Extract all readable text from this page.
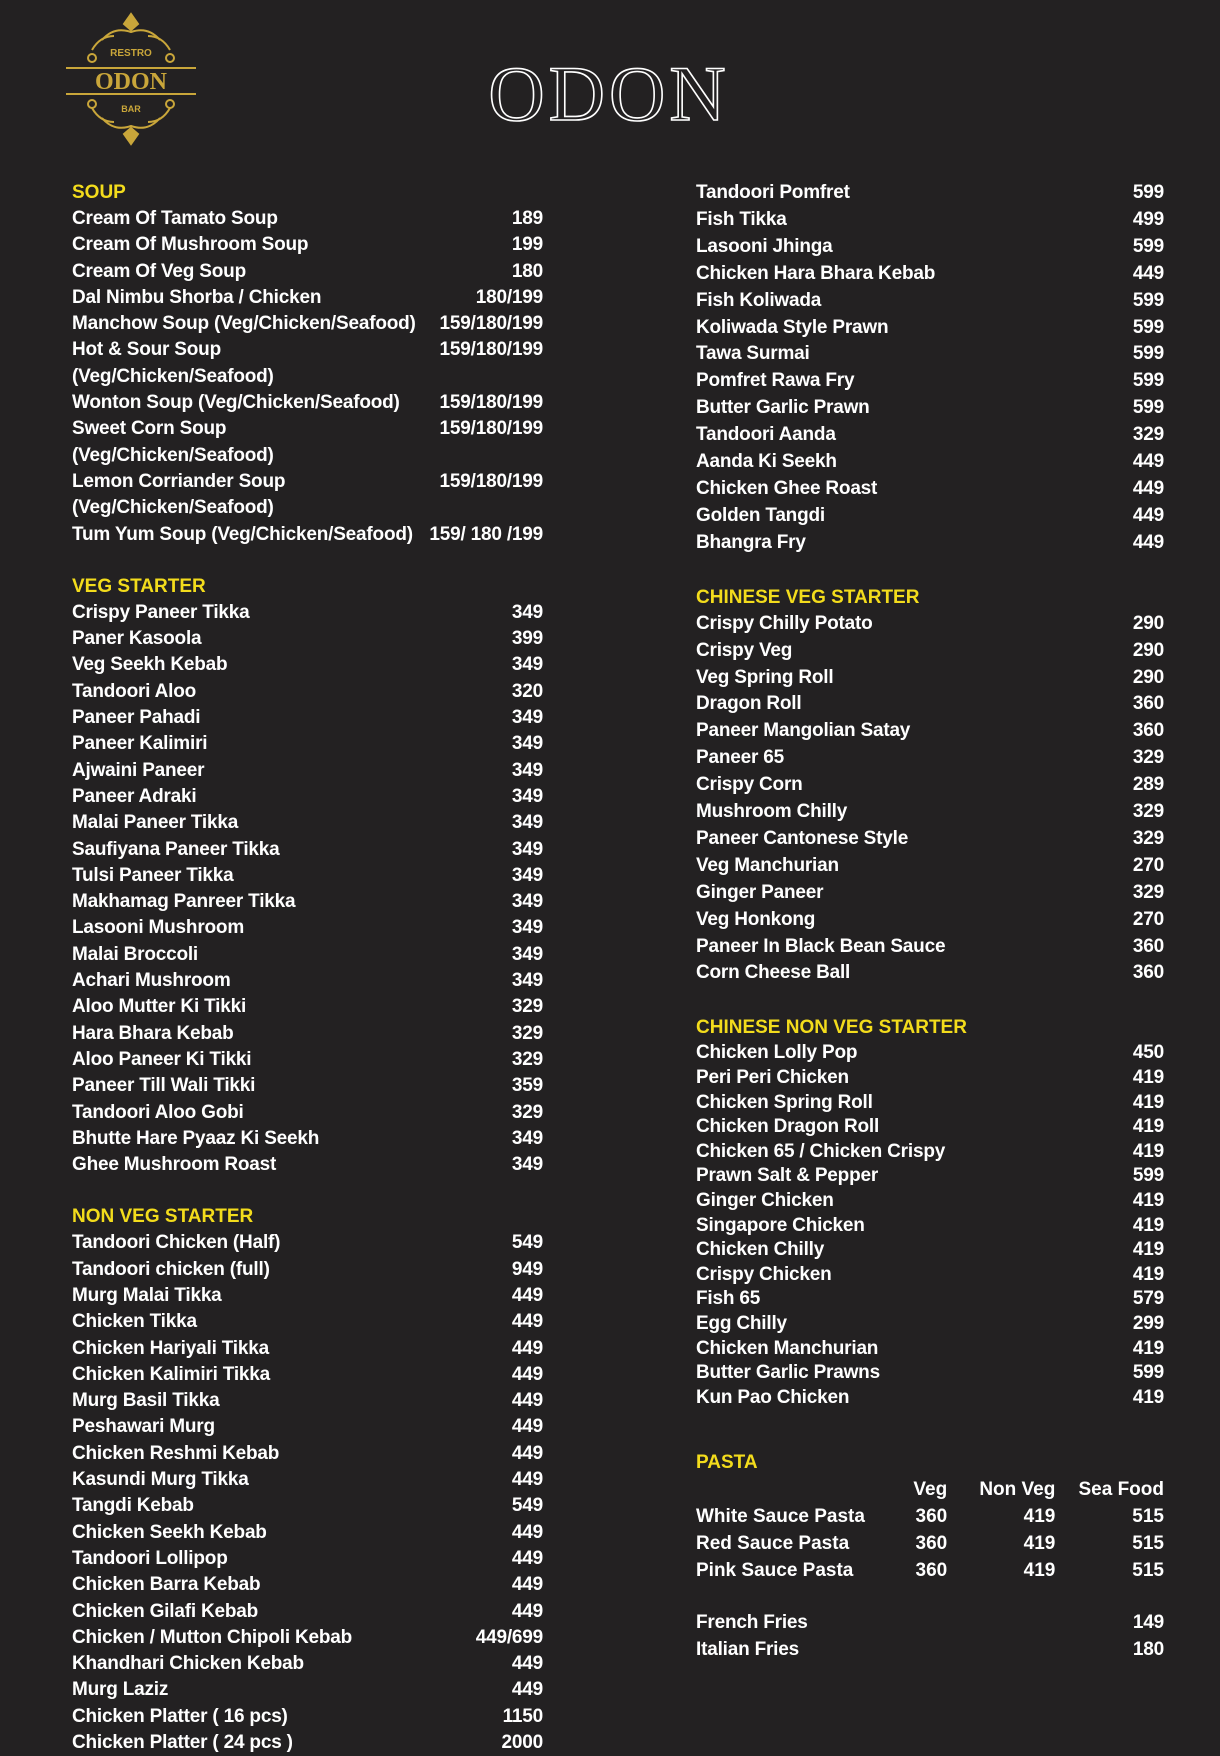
RESTRO
ODON
BAR	ODON
SOUP
Cream Of Tamato Soup	189
Cream Of Mushroom Soup	199
Cream Of Veg Soup	180
Dal Nimbu Shorba / Chicken	180/199
Manchow Soup (Veg/Chicken/Seafood)	159/180/199
Hot & Sour Soup (Veg/Chicken/Seafood)
159/180/199
Wonton Soup (Veg/Chicken/Seafood)	159/180/199
Sweet Corn Soup (Veg/Chicken/Seafood)
159/180/199
Lemon Corriander Soup (Veg/Chicken/Seafood)
159/180/199
Tum Yum Soup (Veg/Chicken/Seafood) 159/ 180 /199
VEG STARTER
Crispy Paneer Tikka	349
Paner Kasoola	399
Veg Seekh Kebab	349
Tandoori Aloo	320
Paneer Pahadi	349
Paneer Kalimiri	349
Ajwaini Paneer	349
Paneer Adraki	349
Malai Paneer Tikka	349
Saufiyana Paneer Tikka	349
Tulsi Paneer Tikka	349
Makhamag Panreer Tikka	349
Lasooni Mushroom	349
Malai Broccoli	349
Achari Mushroom	349
Aloo Mutter Ki Tikki	329
Hara Bhara Kebab	329
Aloo Paneer Ki Tikki	329
Paneer Till Wali Tikki	359
Tandoori Aloo Gobi	329
Bhutte Hare Pyaaz Ki Seekh	349
Ghee Mushroom Roast	349
NON VEG STARTER
Tandoori Chicken (Half)	549
Tandoori chicken (full)	949
Murg Malai Tikka	449
Chicken Tikka	449
Chicken Hariyali Tikka	449
Chicken Kalimiri Tikka	449
Murg Basil Tikka	449
Peshawari Murg	449
Chicken Reshmi Kebab	449
Kasundi Murg Tikka	449
Tangdi Kebab	549
Chicken Seekh Kebab	449
Tandoori Lollipop	449
Chicken Barra Kebab	449
Chicken Gilafi Kebab	449
Chicken / Mutton Chipoli Kebab	449/699
Khandhari Chicken Kebab	449
Murg Laziz	449
Chicken Platter ( 16 pcs)	1150
Chicken Platter ( 24 pcs )	2000
Tandoori Pomfret	599
Fish Tikka	499
Lasooni Jhinga	599
Chicken Hara Bhara Kebab	449
Fish Koliwada	599
Koliwada Style Prawn	599
Tawa Surmai	599
Pomfret Rawa Fry	599
Butter Garlic Prawn	599
Tandoori Aanda	329
Aanda Ki Seekh	449
Chicken Ghee Roast	449
Golden Tangdi	449
Bhangra Fry	449
CHINESE VEG STARTER
Crispy Chilly Potato	290
Crispy Veg	290
Veg Spring Roll	290
Dragon Roll	360
Paneer Mangolian Satay	360
Paneer 65	329
Crispy Corn	289
Mushroom Chilly	329
Paneer Cantonese Style	329
Veg Manchurian	270
Ginger Paneer	329
Veg Honkong	270
Paneer In Black Bean Sauce	360
Corn Cheese Ball	360
CHINESE NON VEG STARTER
Chicken Lolly Pop	450
Peri Peri Chicken	419
Chicken Spring Roll	419
Chicken Dragon Roll	419
Chicken 65 / Chicken Crispy	419
Prawn Salt & Pepper	599
Ginger Chicken	419
Singapore Chicken	419
Chicken Chilly	419
Crispy Chicken	419
Fish 65	579
Egg Chilly	299
Chicken Manchurian	419
Butter Garlic Prawns	599
Kun Pao Chicken	419
PASTA
	Veg	Non Veg	Sea Food
White Sauce Pasta	360	419	515
Red Sauce Pasta	360	419	515
Pink Sauce Pasta	360	419	515
French Fries	149
Italian Fries	180
